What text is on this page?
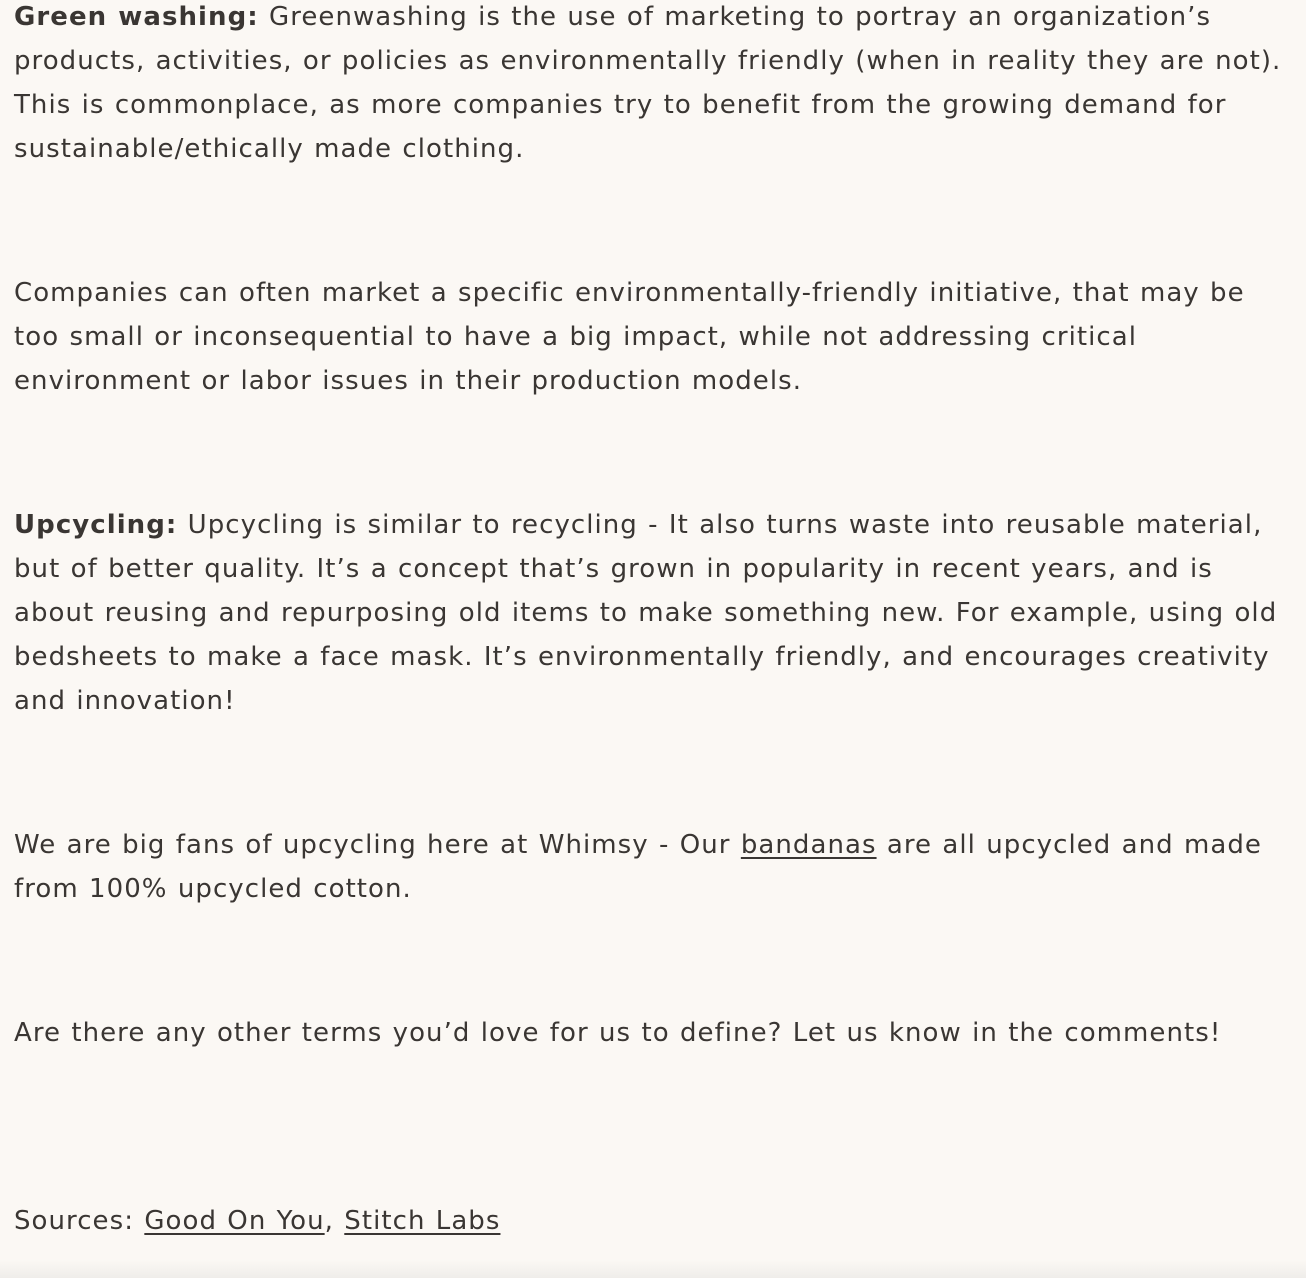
Green washing: Greenwashing is the use of marketing to portray an organization’s products, activities, or policies as environmentally friendly (when in reality they are not). This is commonplace, as more companies try to benefit from the growing demand for sustainable/ethically made clothing.

Companies can often market a specific environmentally-friendly initiative, that may be too small or inconsequential to have a big impact, while not addressing critical environment or labor issues in their production models.

Upcycling: Upcycling is similar to recycling - It also turns waste into reusable material, but of better quality. It’s a concept that’s grown in popularity in recent years, and is about reusing and repurposing old items to make something new. For example, using old bedsheets to make a face mask. It’s environmentally friendly, and encourages creativity and innovation!

We are big fans of upcycling here at Whimsy - Our bandanas are all upcycled and made from 100% upcycled cotton.

Are there any other terms you’d love for us to define? Let us know in the comments!

Sources: Good On You, Stitch Labs
